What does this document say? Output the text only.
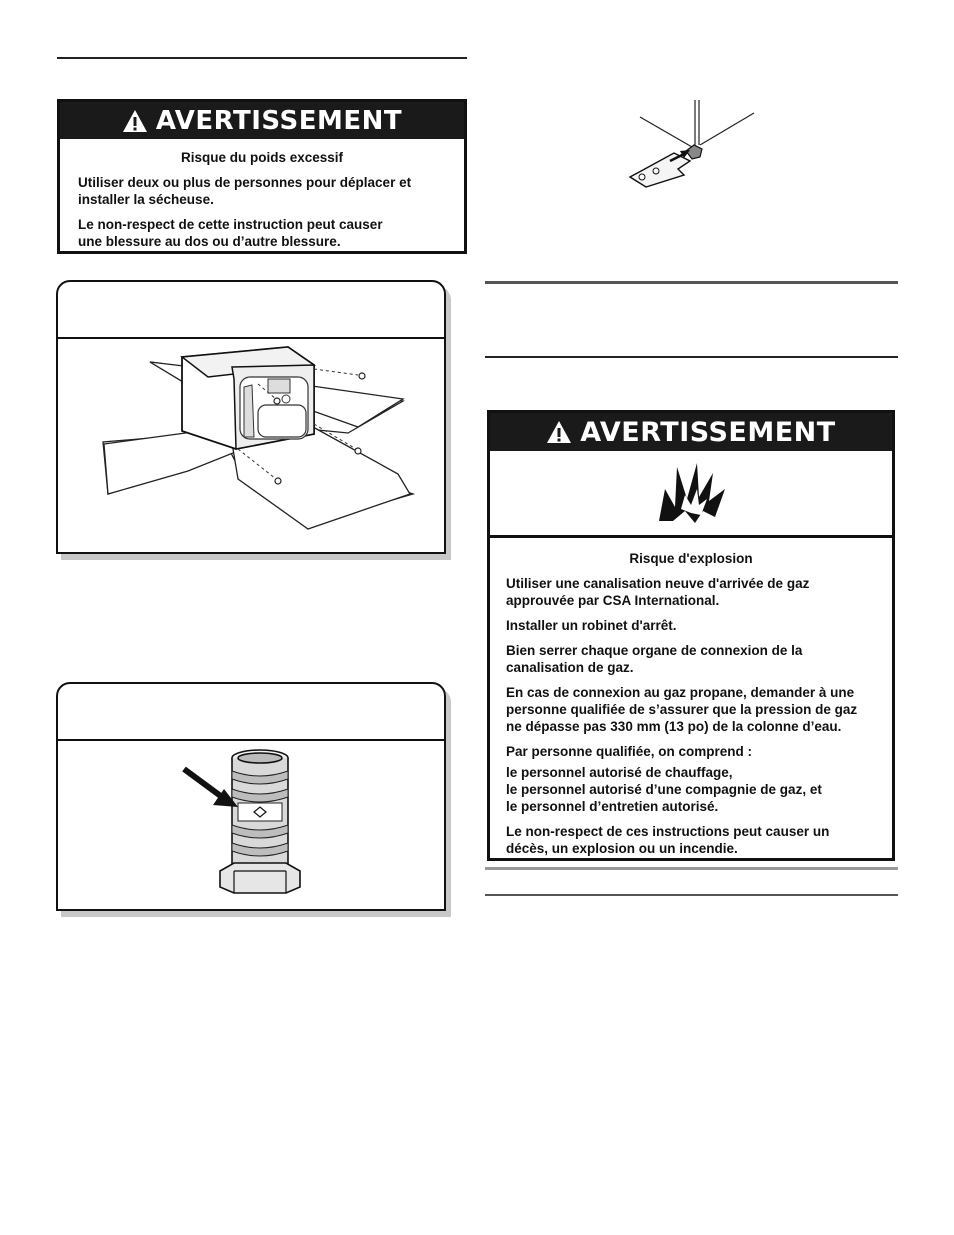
AVERTISSEMENT
Risque du poids excessif

Utiliser deux ou plus de personnes pour déplacer et installer la sécheuse.

Le non-respect de cette instruction peut causer une blessure au dos ou d’autre blessure.

AVERTISSEMENT
Risque d'explosion

Utiliser une canalisation neuve d'arrivée de gaz approuvée par CSA International.

Installer un robinet d'arrêt.

Bien serrer chaque organe de connexion de la canalisation de gaz.

En cas de connexion au gaz propane, demander à une personne qualifiée de s’assurer que la pression de gaz ne dépasse pas 330 mm (13 po) de la colonne d’eau.

Par personne qualifiée, on comprend :

le personnel autorisé de chauffage,
le personnel autorisé d’une compagnie de gaz, et

le personnel d’entretien autorisé.

Le non-respect de ces instructions peut causer un décès, un explosion ou un incendie.
